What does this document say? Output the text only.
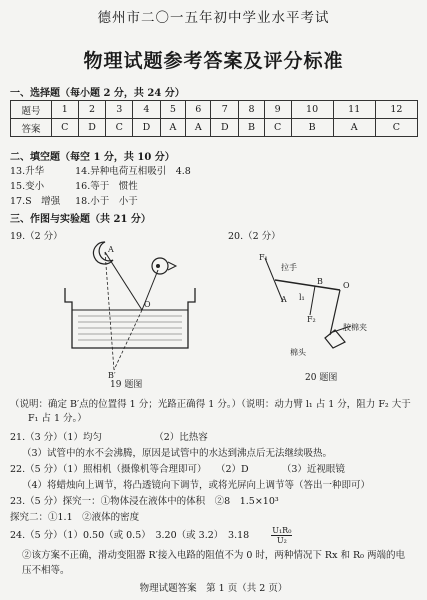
德州市二〇一五年初中学业水平考试
物理试题参考答案及评分标准
一、选择题（每小题 2 分，共 24 分）
题号	1	2	3	4	5	6	7	8	9	10	11	12
答案	C	D	C	D	A	A	D	B	C	B	A	C
二、填空题（每空 1 分，共 10 分）
13.升华	14.异种电荷互相吸引　4.8
15.变小	16.等于　惯性
17.S　增强 18.小于　小于
三、作图与实验题（共 21 分）
19.（2 分）	20.（2 分）
A
O
B′
19 题图
F₁
拉手
A
B	O
l₁
F₂
胶棉夹
棉头
20 题图
（说明：确定 B′点的位置得 1 分；光路正确得 1 分。）（说明：动力臂 l₁ 占 1 分，阻力 F₂ 大于
F₁ 占 1 分。）
21.（3 分）（1）均匀　　　　　　（2）比热容
（3）试管中的水不会沸腾，原因是试管中的水达到沸点后无法继续吸热。
22.（5 分）（1）照相机（摄像机等合理即可）　　（2）D　　　　（3）近视眼镜
（4）将蜡烛向上调节，将凸透镜向下调节，或将光屏向上调节等（答出一种即可）
23.（5 分）探究一：①物体浸在液体中的体积　②8　1.5×10³
探究二：①1.1　②液体的密度
24.（5 分）（1）0.50（或 0.5）　3.20（或 3.2）　3.18　　 $\frac{\text{U₁R₀}}{\text{U₂}}$
②该方案不正确，滑动变阻器 R′接入电路的阻值不为 0 时，两种情况下 Rx 和 R₀ 两端的电
压不相等。
物理试题答案　第 1 页（共 2 页）
